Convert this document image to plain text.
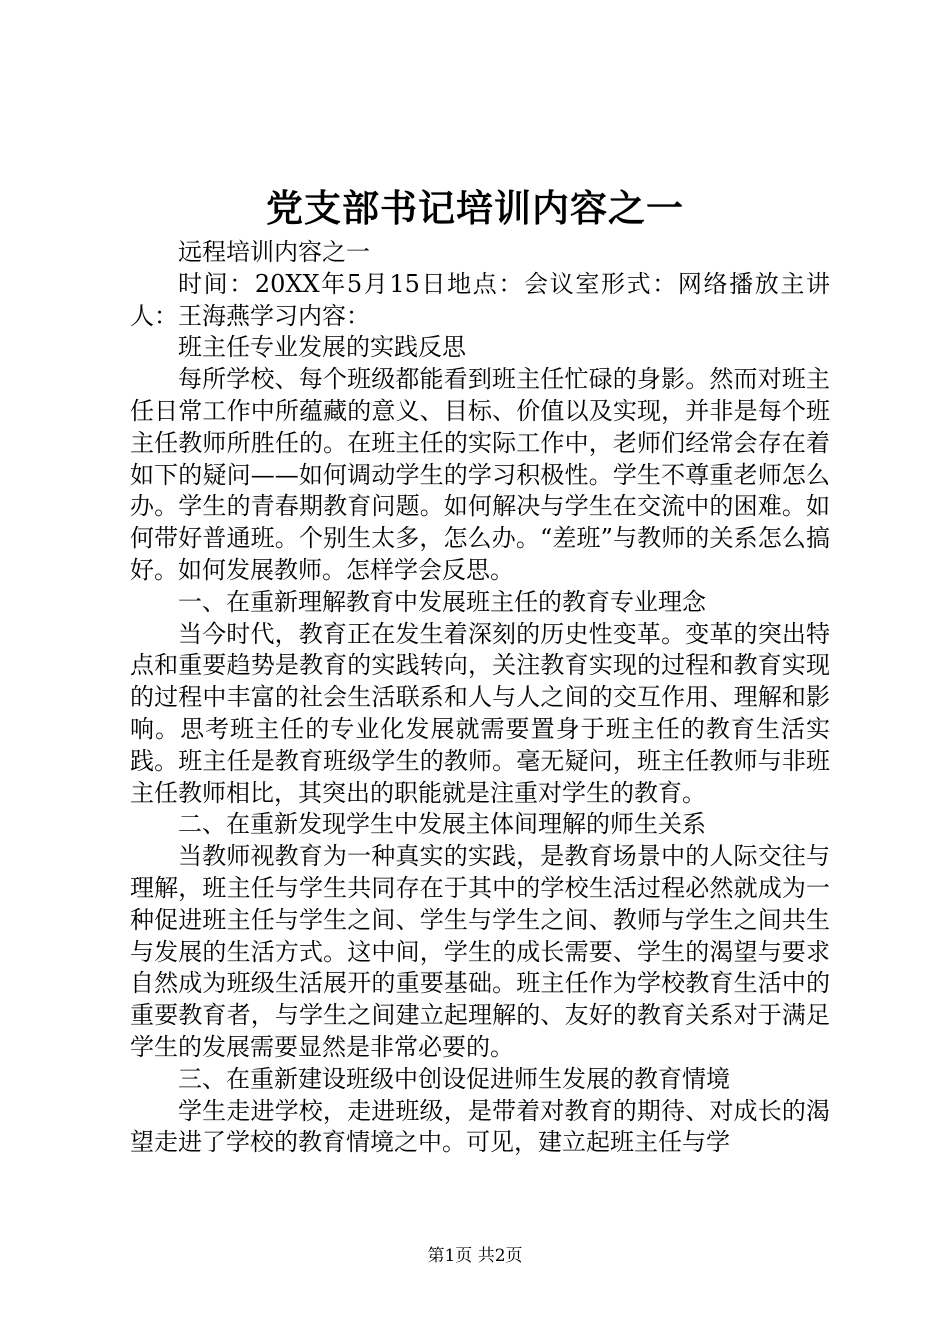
党支部书记培训内容之一

远程培训内容之一

时间：20XX年5月15日地点：会议室形式：网络播放主讲人：王海燕学习内容：

班主任专业发展的实践反思

每所学校、每个班级都能看到班主任忙碌的身影。然而对班主任日常工作中所蕴藏的意义、目标、价值以及实现，并非是每个班主任教师所胜任的。在班主任的实际工作中，老师们经常会存在着如下的疑问——如何调动学生的学习积极性。学生不尊重老师怎么办。学生的青春期教育问题。如何解决与学生在交流中的困难。如何带好普通班。个别生太多，怎么办。“差班”与教师的关系怎么搞好。如何发展教师。怎样学会反思。

一、在重新理解教育中发展班主任的教育专业理念

当今时代，教育正在发生着深刻的历史性变革。变革的突出特点和重要趋势是教育的实践转向，关注教育实现的过程和教育实现的过程中丰富的社会生活联系和人与人之间的交互作用、理解和影响。思考班主任的专业化发展就需要置身于班主任的教育生活实践。班主任是教育班级学生的教师。毫无疑问，班主任教师与非班主任教师相比，其突出的职能就是注重对学生的教育。

二、在重新发现学生中发展主体间理解的师生关系

当教师视教育为一种真实的实践，是教育场景中的人际交往与理解，班主任与学生共同存在于其中的学校生活过程必然就成为一种促进班主任与学生之间、学生与学生之间、教师与学生之间共生与发展的生活方式。这中间，学生的成长需要、学生的渴望与要求自然成为班级生活展开的重要基础。班主任作为学校教育生活中的重要教育者，与学生之间建立起理解的、友好的教育关系对于满足学生的发展需要显然是非常必要的。

三、在重新建设班级中创设促进师生发展的教育情境

学生走进学校，走进班级，是带着对教育的期待、对成长的渴望走进了学校的教育情境之中。可见，建立起班主任与学

第1页 共2页
